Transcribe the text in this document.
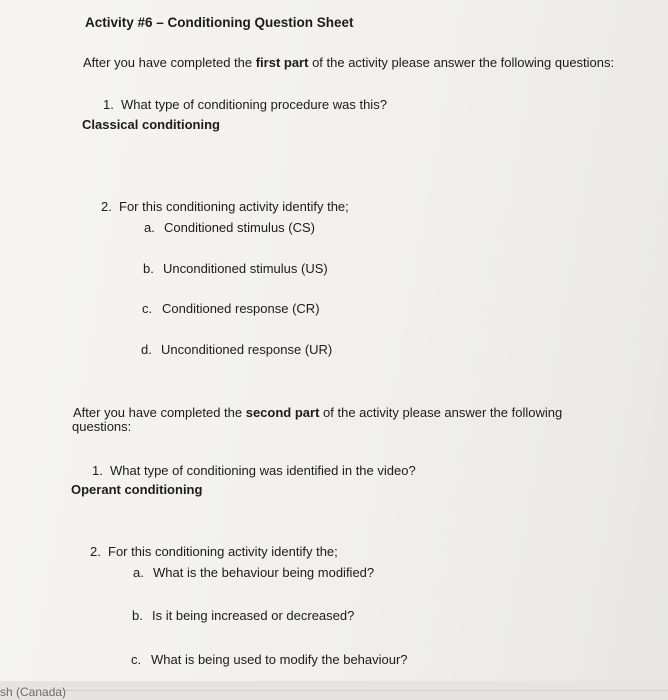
Activity #6 – Conditioning Question Sheet
After you have completed the first part of the activity please answer the following questions:
1. What type of conditioning procedure was this?
Classical conditioning
2. For this conditioning activity identify the;
a. Conditioned stimulus (CS)
b. Unconditioned stimulus (US)
c. Conditioned response (CR)
d. Unconditioned response (UR)
After you have completed the second part of the activity please answer the following
questions:
1. What type of conditioning was identified in the video?
Operant conditioning
2. For this conditioning activity identify the;
a. What is the behaviour being modified?
b. Is it being increased or decreased?
c. What is being used to modify the behaviour?
sh (Canada)
